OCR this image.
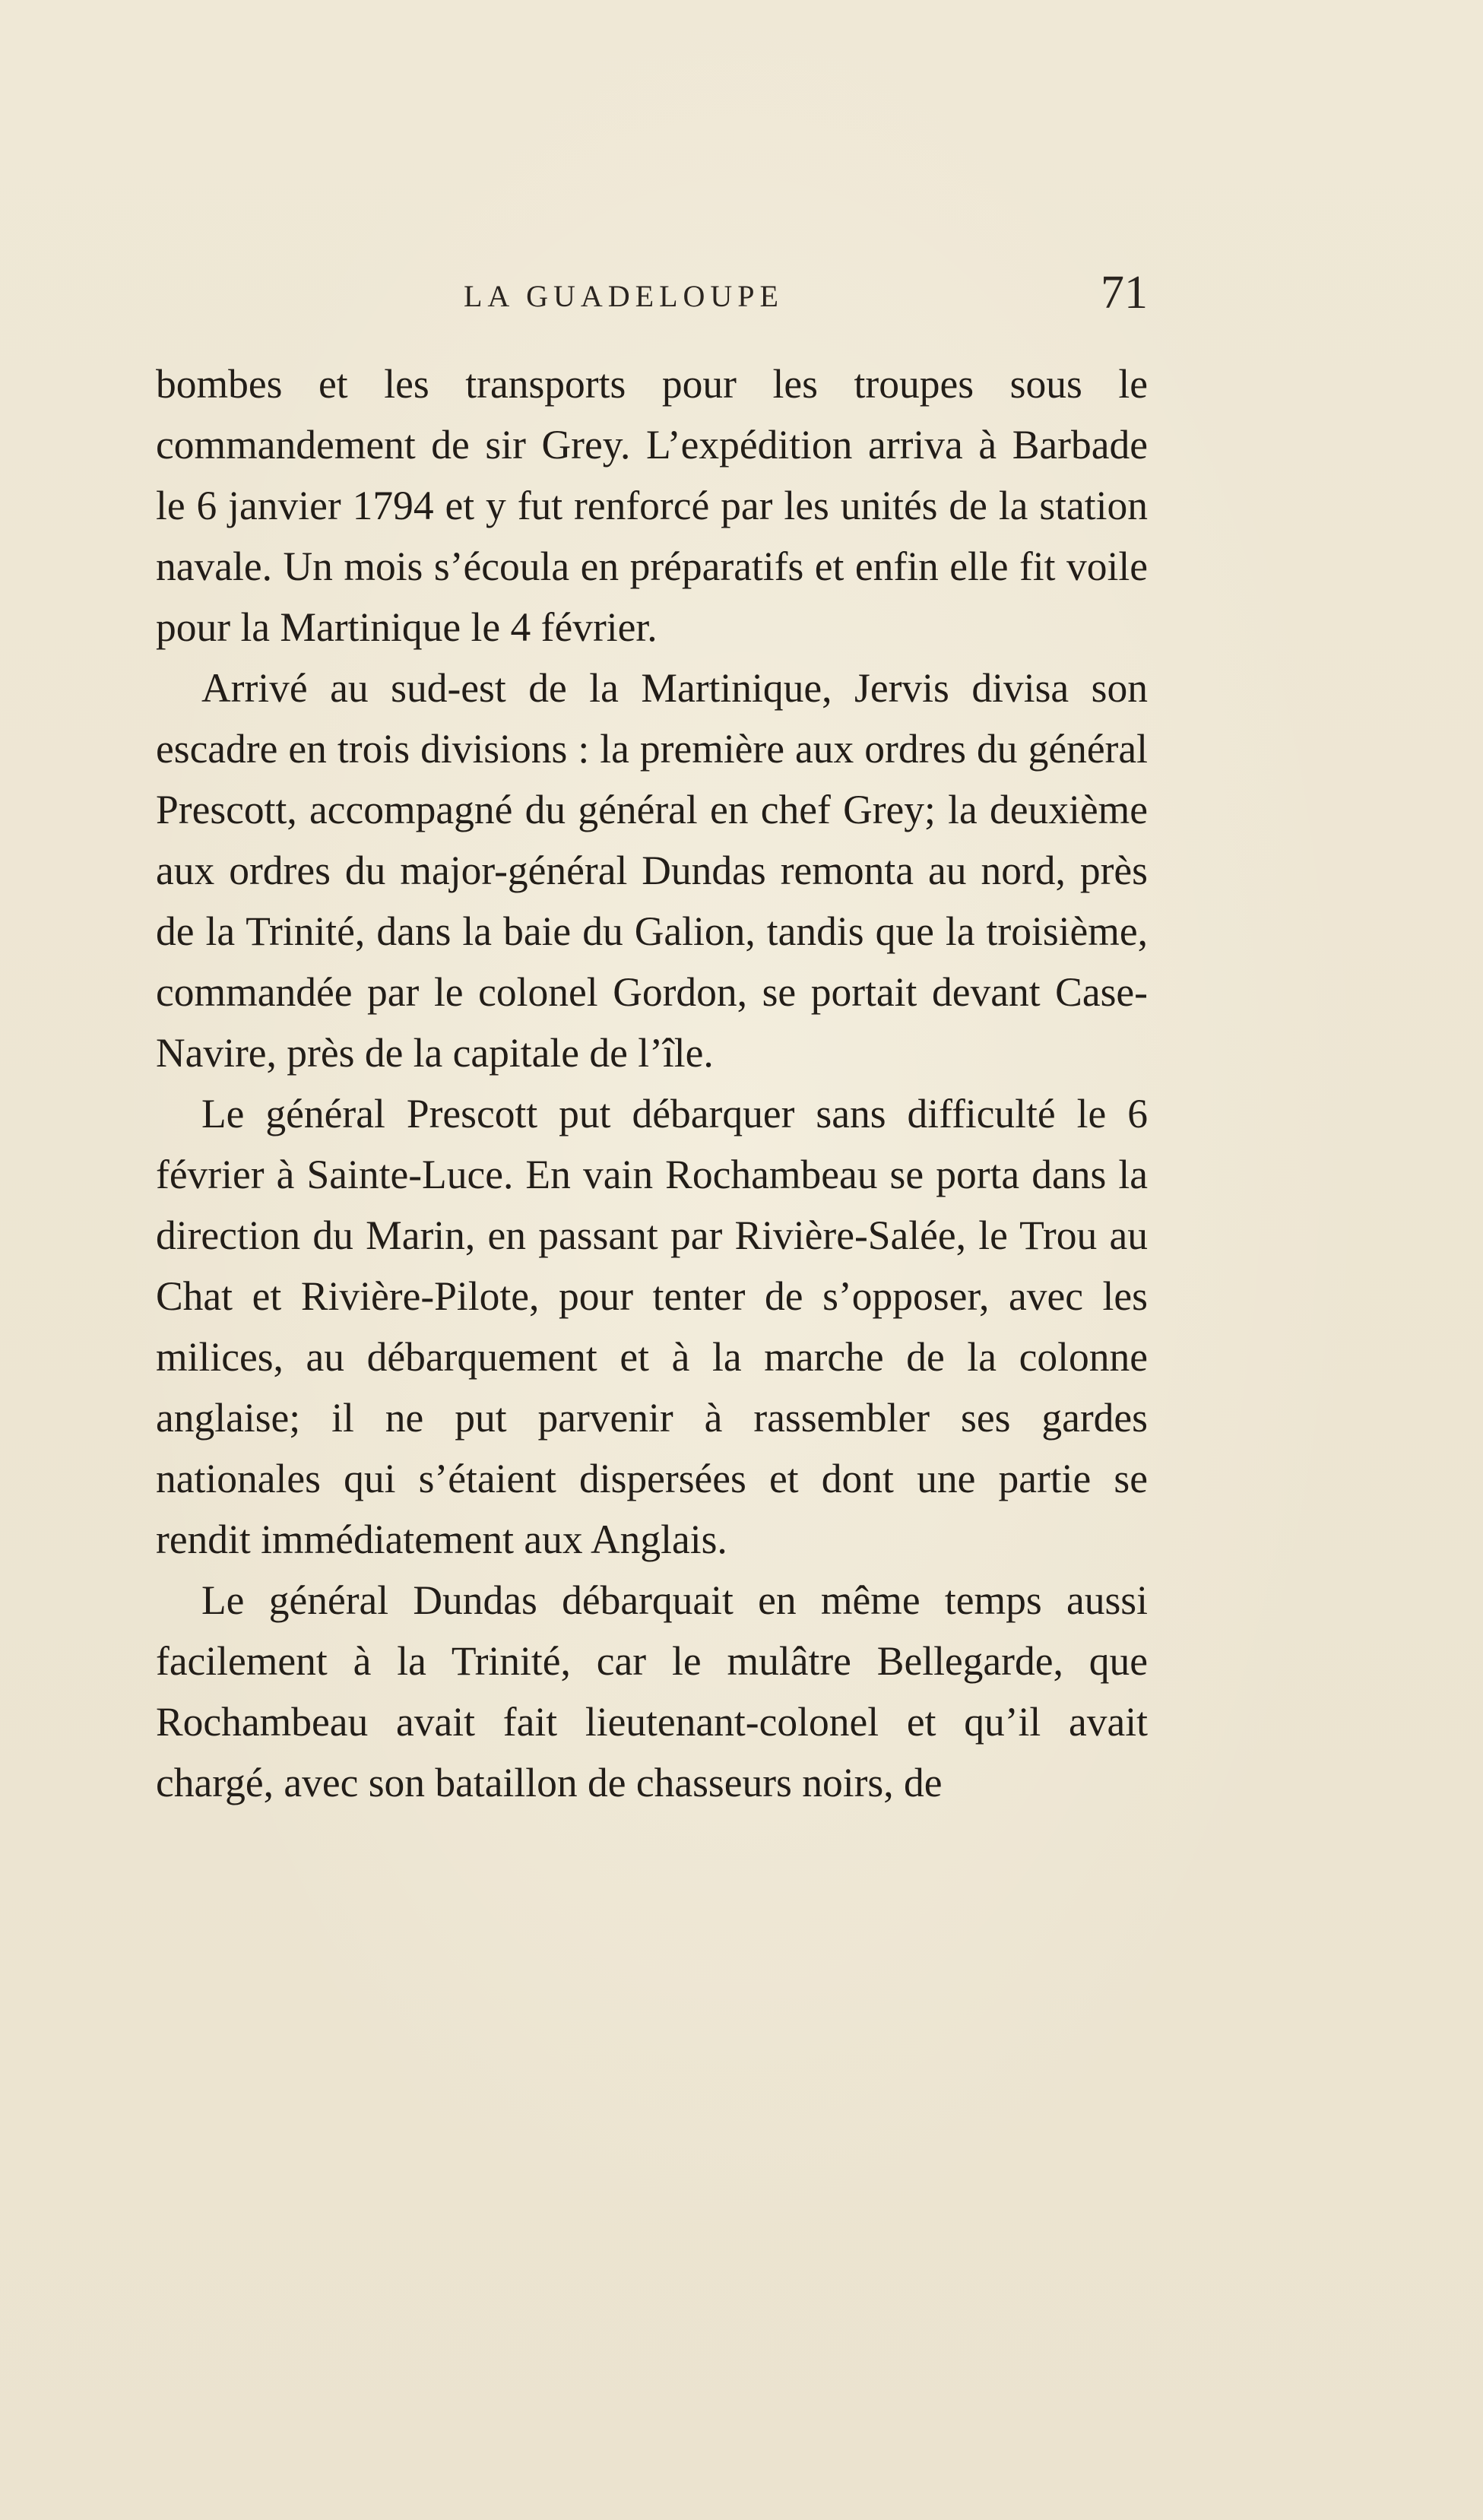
LA GUADELOUPE	71

bombes et les transports pour les troupes sous le commandement de sir Grey. L’expédition arriva à Barbade le 6 janvier 1794 et y fut renforcé par les unités de la station navale. Un mois s’écoula en préparatifs et enfin elle fit voile pour la Martinique le 4 février.

Arrivé au sud-est de la Martinique, Jervis divisa son escadre en trois divisions : la première aux ordres du général Prescott, accompagné du général en chef Grey; la deuxième aux ordres du major-général Dundas remonta au nord, près de la Trinité, dans la baie du Galion, tandis que la troisième, commandée par le colonel Gordon, se portait devant Case-Navire, près de la capitale de l’île.

Le général Prescott put débarquer sans difficulté le 6 février à Sainte-Luce. En vain Rochambeau se porta dans la direction du Marin, en passant par Rivière-Salée, le Trou au Chat et Rivière-Pilote, pour tenter de s’opposer, avec les milices, au débarquement et à la marche de la colonne anglaise; il ne put parvenir à rassembler ses gardes nationales qui s’étaient dispersées et dont une partie se rendit immédiatement aux Anglais.

Le général Dundas débarquait en même temps aussi facilement à la Trinité, car le mulâtre Bellegarde, que Rochambeau avait fait lieutenant-colonel et qu’il avait chargé, avec son bataillon de chasseurs noirs, de
